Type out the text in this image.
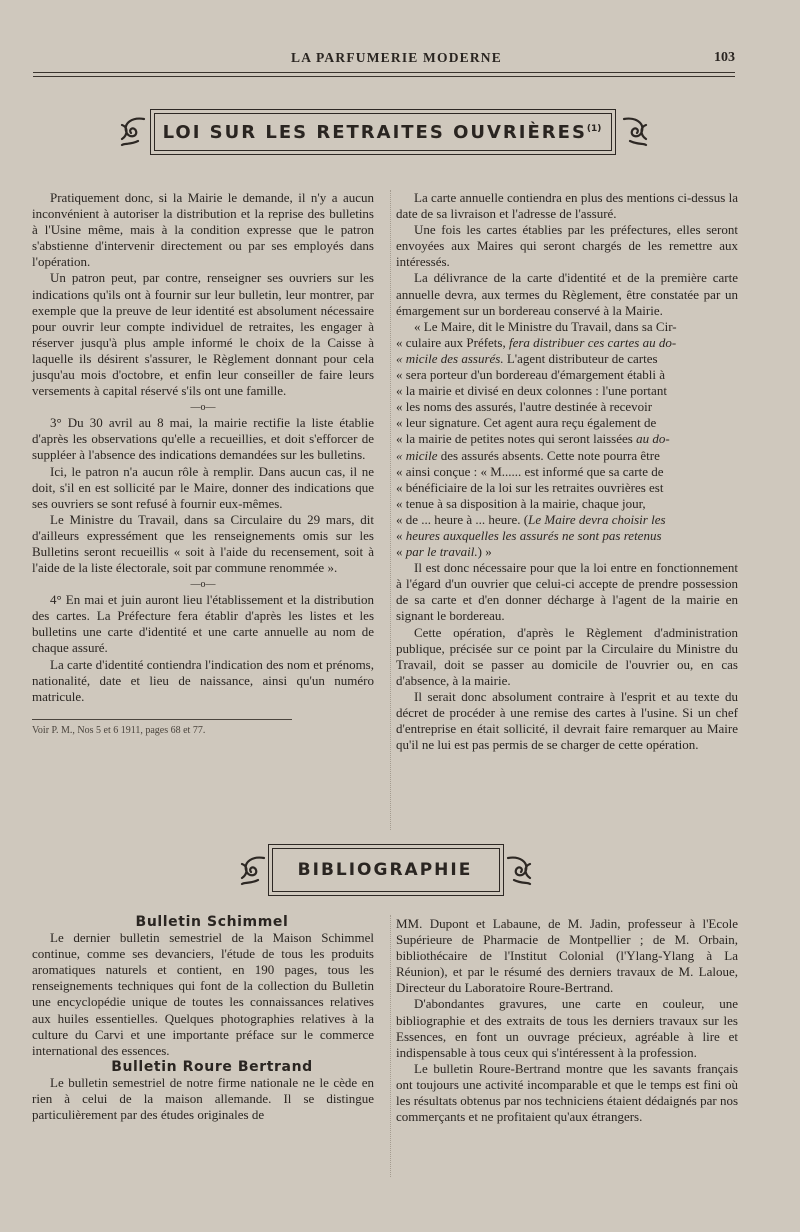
LA PARFUMERIE MODERNE	103
LOI SUR LES RETRAITES OUVRIÈRES$^{(1)}$

Pratiquement donc, si la Mairie le demande, il n'y a aucun inconvénient à autoriser la distribution et la reprise des bulletins à l'Usine même, mais à la condition expresse que le patron s'abstienne d'intervenir directement ou par ses employés dans l'opération.

Un patron peut, par contre, renseigner ses ouvriers sur les indications qu'ils ont à fournir sur leur bulletin, leur montrer, par exemple que la preuve de leur identité est absolument nécessaire pour ouvrir leur compte individuel de retraites, les engager à réserver jusqu'à plus ample informé le choix de la Caisse à laquelle ils désirent s'assurer, le Règlement donnant pour cela jusqu'au mois d'octobre, et enfin leur conseiller de faire leurs versements à capital réservé s'ils ont une famille.

—o—

3° Du 30 avril au 8 mai, la mairie rectifie la liste établie d'après les observations qu'elle a recueillies, et doit s'efforcer de suppléer à l'absence des indications demandées sur les bulletins.

Ici, le patron n'a aucun rôle à remplir. Dans aucun cas, il ne doit, s'il en est sollicité par le Maire, donner des indications que ses ouvriers se sont refusé à fournir eux-mêmes.

Le Ministre du Travail, dans sa Circulaire du 29 mars, dit d'ailleurs expressément que les renseignements omis sur les Bulletins seront recueillis « soit à l'aide du recensement, soit à l'aide de la liste électorale, soit par commune renommée ».

—o—

4° En mai et juin auront lieu l'établissement et la distribution des cartes. La Préfecture fera établir d'après les listes et les bulletins une carte d'identité et une carte annuelle au nom de chaque assuré.

La carte d'identité contiendra l'indication des nom et prénoms, nationalité, date et lieu de naissance, ainsi qu'un numéro matricule.

Voir P. M., Nos 5 et 6 1911, pages 68 et 77.

La carte annuelle contiendra en plus des mentions ci-dessus la date de sa livraison et l'adresse de l'assuré.

Une fois les cartes établies par les préfectures, elles seront envoyées aux Maires qui seront chargés de les remettre aux intéressés.

La délivrance de la carte d'identité et de la première carte annuelle devra, aux termes du Règlement, être constatée par un émargement sur un bordereau conservé à la Mairie.

« Le Maire, dit le Ministre du Travail, dans sa Cir-

« culaire aux Préfets, fera distribuer ces cartes au do-

« micile des assurés. L'agent distributeur de cartes

« sera porteur d'un bordereau d'émargement établi à

« la mairie et divisé en deux colonnes : l'une portant

« les noms des assurés, l'autre destinée à recevoir

« leur signature. Cet agent aura reçu également de

« la mairie de petites notes qui seront laissées au do-

« micile des assurés absents. Cette note pourra être

« ainsi conçue : « M...... est informé que sa carte de

« bénéficiaire de la loi sur les retraites ouvrières est

« tenue à sa disposition à la mairie, chaque jour,

« de ... heure à ... heure. (Le Maire devra choisir les

« heures auxquelles les assurés ne sont pas retenus

« par le travail.) »

Il est donc nécessaire pour que la loi entre en fonctionnement à l'égard d'un ouvrier que celui-ci accepte de prendre possession de sa carte et d'en donner décharge à l'agent de la mairie en signant le bordereau.

Cette opération, d'après le Règlement d'administration publique, précisée sur ce point par la Circulaire du Ministre du Travail, doit se passer au domicile de l'ouvrier ou, en cas d'absence, à la mairie.

Il serait donc absolument contraire à l'esprit et au texte du décret de procéder à une remise des cartes à l'usine. Si un chef d'entreprise en était sollicité, il devrait faire remarquer au Maire qu'il ne lui est pas permis de se charger de cette opération.

BIBLIOGRAPHIE

Bulletin Schimmel

Le dernier bulletin semestriel de la Maison Schimmel continue, comme ses devanciers, l'étude de tous les produits aromatiques naturels et contient, en 190 pages, tous les renseignements techniques qui font de la collection du Bulletin une encyclopédie unique de toutes les connaissances relatives aux huiles essentielles. Quelques photographies relatives à la culture du Carvi et une importante préface sur le commerce international des essences.

Bulletin Roure Bertrand

Le bulletin semestriel de notre firme nationale ne le cède en rien à celui de la maison allemande. Il se distingue particulièrement par des études originales de

MM. Dupont et Labaune, de M. Jadin, professeur à l'Ecole Supérieure de Pharmacie de Montpellier ; de M. Orbain, bibliothécaire de l'Institut Colonial (l'Ylang-Ylang à La Réunion), et par le résumé des derniers travaux de M. Laloue, Directeur du Laboratoire Roure-Bertrand.

D'abondantes gravures, une carte en couleur, une bibliographie et des extraits de tous les derniers travaux sur les Essences, en font un ouvrage précieux, agréable à lire et indispensable à tous ceux qui s'intéressent à la profession.

Le bulletin Roure-Bertrand montre que les savants français ont toujours une activité incomparable et que le temps est fini où les résultats obtenus par nos techniciens étaient dédaignés par nos commerçants et ne profitaient qu'aux étrangers.
